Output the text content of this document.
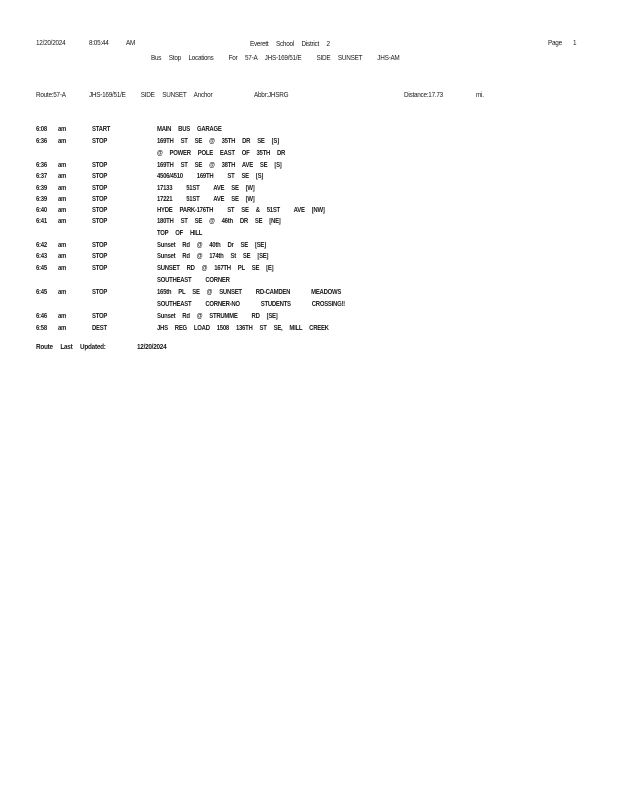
12/20/2024	8:05:44 AM	Everett     School     District     2	Page 1
Bus     Stop     Locations          For     57-A     JHS-169/51/E          SIDE     SUNSET          JHS-AM
Route:57-A	JHS-169/51/E          SIDE     SUNSET     Anchor	Abbr:JHSRG	Distance:17.73	mi.
6:08 am	START	MAIN     BUS     GARAGE
6:36 am	STOP	169TH     ST     SE     @     35TH     DR     SE     [S]
@     POWER     POLE     EAST     OF     35TH     DR
6:36 am	STOP	169TH     ST     SE     @     38TH     AVE     SE     [S]
6:37 am	STOP	4506/4510          169TH          ST     SE     [S]
6:39 am	STOP	17133          51ST          AVE     SE     [W]
6:39 am	STOP	17221          51ST          AVE     SE     [W]
6:40 am	STOP	HYDE     PARK-176TH          ST     SE     &     51ST          AVE     [NW]
6:41 am	STOP	180TH     ST     SE     @     46th     DR     SE     [NE]
TOP     OF     HILL
6:42 am	STOP	Sunset     Rd     @     40th     Dr     SE     [SE]
6:43 am	STOP	Sunset     Rd     @     174th     St     SE     [SE]
6:45 am	STOP	SUNSET     RD     @     167TH     PL     SE     [E]
SOUTHEAST          CORNER
6:45 am	STOP	165th     PL     SE     @     SUNSET          RD-CAMDEN               MEADOWS
SOUTHEAST          CORNER-NO               STUDENTS               CROSSING!!
6:46 am	STOP	Sunset     Rd     @     STRUMME          RD     [SE]
6:58 am	DEST	JHS     REG     LOAD     1508     136TH     ST     SE,     MILL     CREEK
Route     Last     Updated:	12/20/2024
